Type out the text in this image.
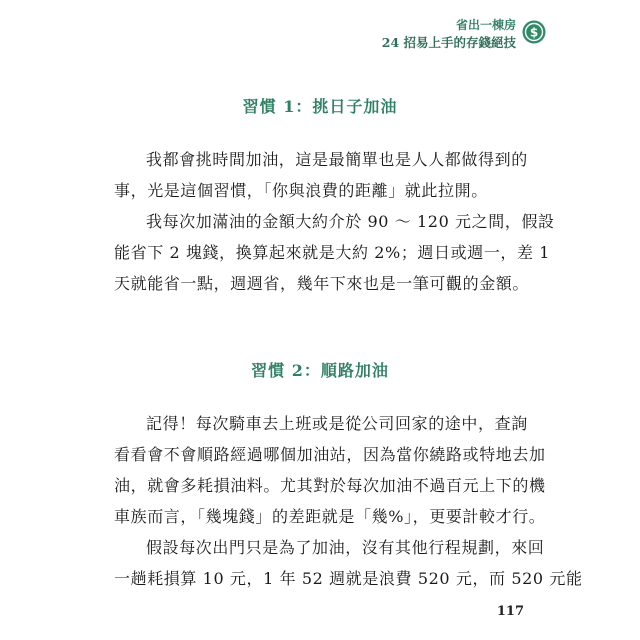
省出一棟房
24 招易上手的存錢絕技
$
習慣 1：挑日子加油
我都會挑時間加油，這是最簡單也是人人都做得到的
事，光是這個習慣，「你與浪費的距離」就此拉開。
我每次加滿油的金額大約介於 90 ～ 120 元之間，假設
能省下 2 塊錢，換算起來就是大約 2%；週日或週一，差 1
天就能省一點，週週省，幾年下來也是一筆可觀的金額。
習慣 2：順路加油
記得！每次騎車去上班或是從公司回家的途中，查詢
看看會不會順路經過哪個加油站，因為當你繞路或特地去加
油，就會多耗損油料。尤其對於每次加油不過百元上下的機
車族而言，「幾塊錢」的差距就是「幾%」，更要計較才行。
假設每次出門只是為了加油，沒有其他行程規劃，來回
一趟耗損算 10 元，1 年 52 週就是浪費 520 元，而 520 元能
117
